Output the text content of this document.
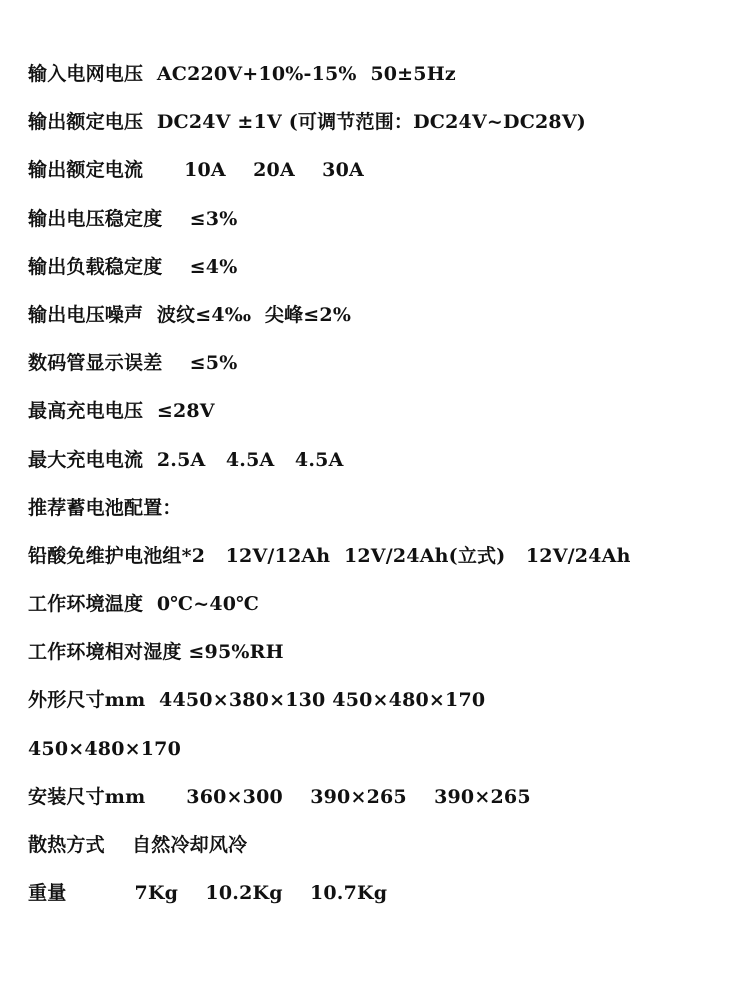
输入电网电压  AC220V+10%-15%  50±5Hz
输出额定电压  DC24V ±1V (可调节范围：DC24V~DC28V)
输出额定电流      10A    20A    30A
输出电压稳定度    ≤3%
输出负载稳定度    ≤4%
输出电压噪声  波纹≤4‰  尖峰≤2%
数码管显示误差    ≤5%
最高充电电压  ≤28V
最大充电电流  2.5A   4.5A   4.5A
推荐蓄电池配置：
铅酸免维护电池组*2   12V/12Ah  12V/24Ah(立式)   12V/24Ah
工作环境温度  0℃~40℃
工作环境相对湿度 ≤95%RH
外形尺寸mm  4450×380×130 450×480×170
450×480×170
安装尺寸mm      360×300    390×265    390×265
散热方式    自然冷却风冷
重量          7Kg    10.2Kg    10.7Kg
